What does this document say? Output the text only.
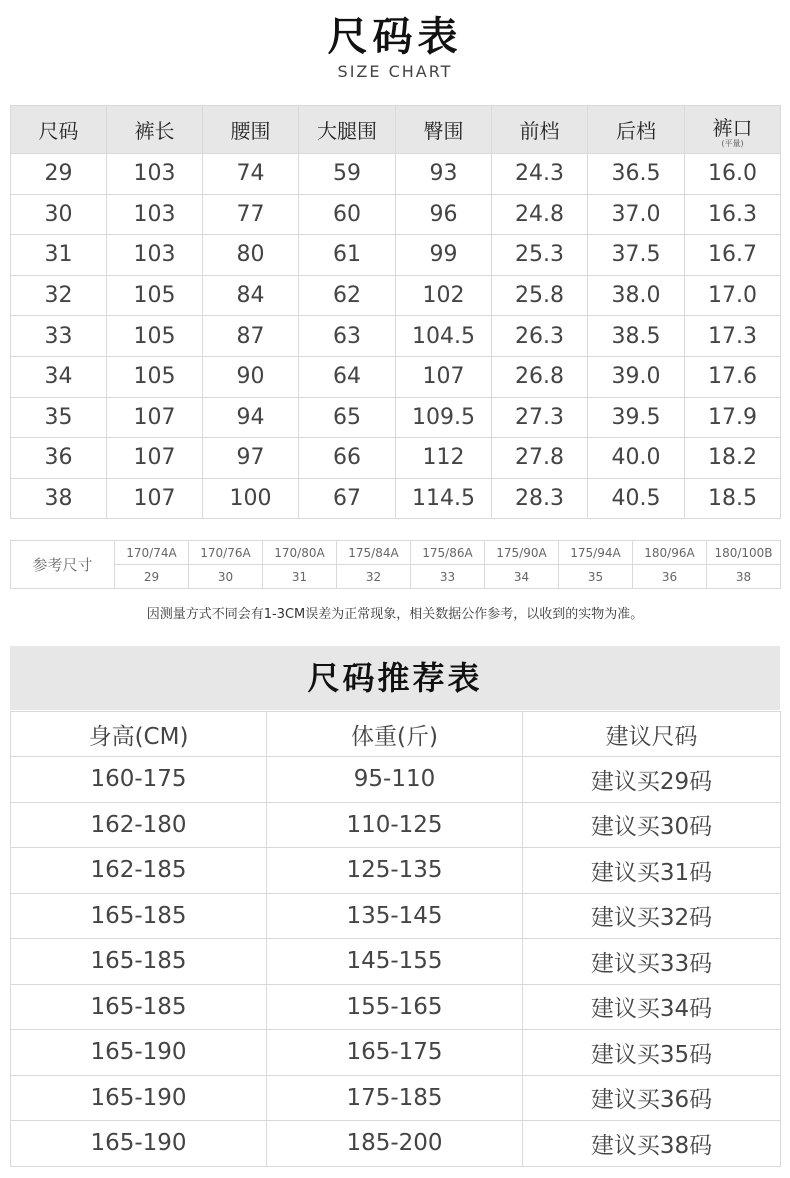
尺码表
SIZE CHART
尺码	裤长	腰围	大腿围	臀围	前档	后档	裤口
(平量)

29	103	74	59	93	24.3	36.5	16.0
30	103	77	60	96	24.8	37.0	16.3
31	103	80	61	99	25.3	37.5	16.7
32	105	84	62	102	25.8	38.0	17.0
33	105	87	63	104.5	26.3	38.5	17.3
34	105	90	64	107	26.8	39.0	17.6
35	107	94	65	109.5	27.3	39.5	17.9
36	107	97	66	112	27.8	40.0	18.2
38	107	100	67	114.5	28.3	40.5	18.5
参考尺寸	170/74A	170/76A	170/80A	175/84A	175/86A	175/90A	175/94A	180/96A	180/100B
	29	30	31	32	33	34	35	36	38
因测量方式不同会有1-3CM误差为正常现象，相关数据公作参考，以收到的实物为准。
尺码推荐表
身高(CM)	体重(斤)	建议尺码
160-175	95-110	建议买29码
162-180	110-125	建议买30码
162-185	125-135	建议买31码
165-185	135-145	建议买32码
165-185	145-155	建议买33码
165-185	155-165	建议买34码
165-190	165-175	建议买35码
165-190	175-185	建议买36码
165-190	185-200	建议买38码
